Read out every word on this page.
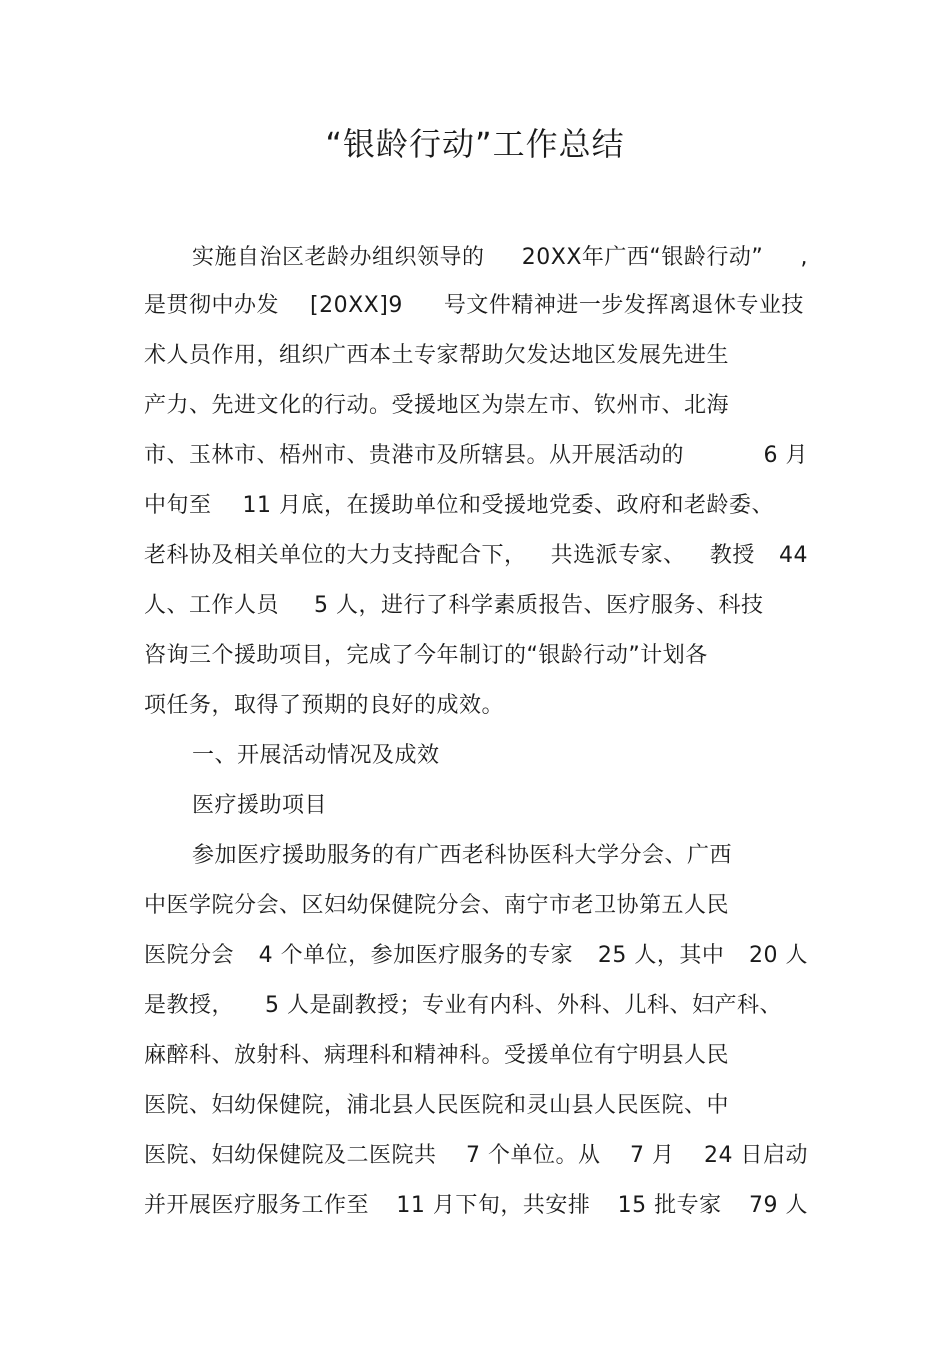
“银龄行动”工作总结
实施自治区老龄办组织领导的 20XX年广西“银龄行动” ,
是贯彻中办发 [20XX]9 号文件精神进一步发挥离退休专业技
术人员作用，组织广西本土专家帮助欠发达地区发展先进生
产力、先进文化的行动。受援地区为崇左市、钦州市、北海
市、玉林市、梧州市、贵港市及所辖县。从开展活动的	6 月
中旬至 11 月底，在援助单位和受援地党委、政府和老龄委、
老科协及相关单位的大力支持配合下， 共选派专家、 教授 44
人、工作人员 5 人，进行了科学素质报告、医疗服务、科技
咨询三个援助项目，完成了今年制订的“银龄行动”计划各
项任务，取得了预期的良好的成效。
一、开展活动情况及成效
医疗援助项目
参加医疗援助服务的有广西老科协医科大学分会、广西
中医学院分会、区妇幼保健院分会、南宁市老卫协第五人民
医院分会 4 个单位，参加医疗服务的专家 25 人，其中 20 人
是教授， 5 人是副教授；专业有内科、外科、儿科、妇产科、
麻醉科、放射科、病理科和精神科。受援单位有宁明县人民
医院、妇幼保健院，浦北县人民医院和灵山县人民医院、中
医院、妇幼保健院及二医院共 7 个单位。从 7 月 24 日启动
并开展医疗服务工作至 11 月下旬，共安排 15 批专家 79 人
